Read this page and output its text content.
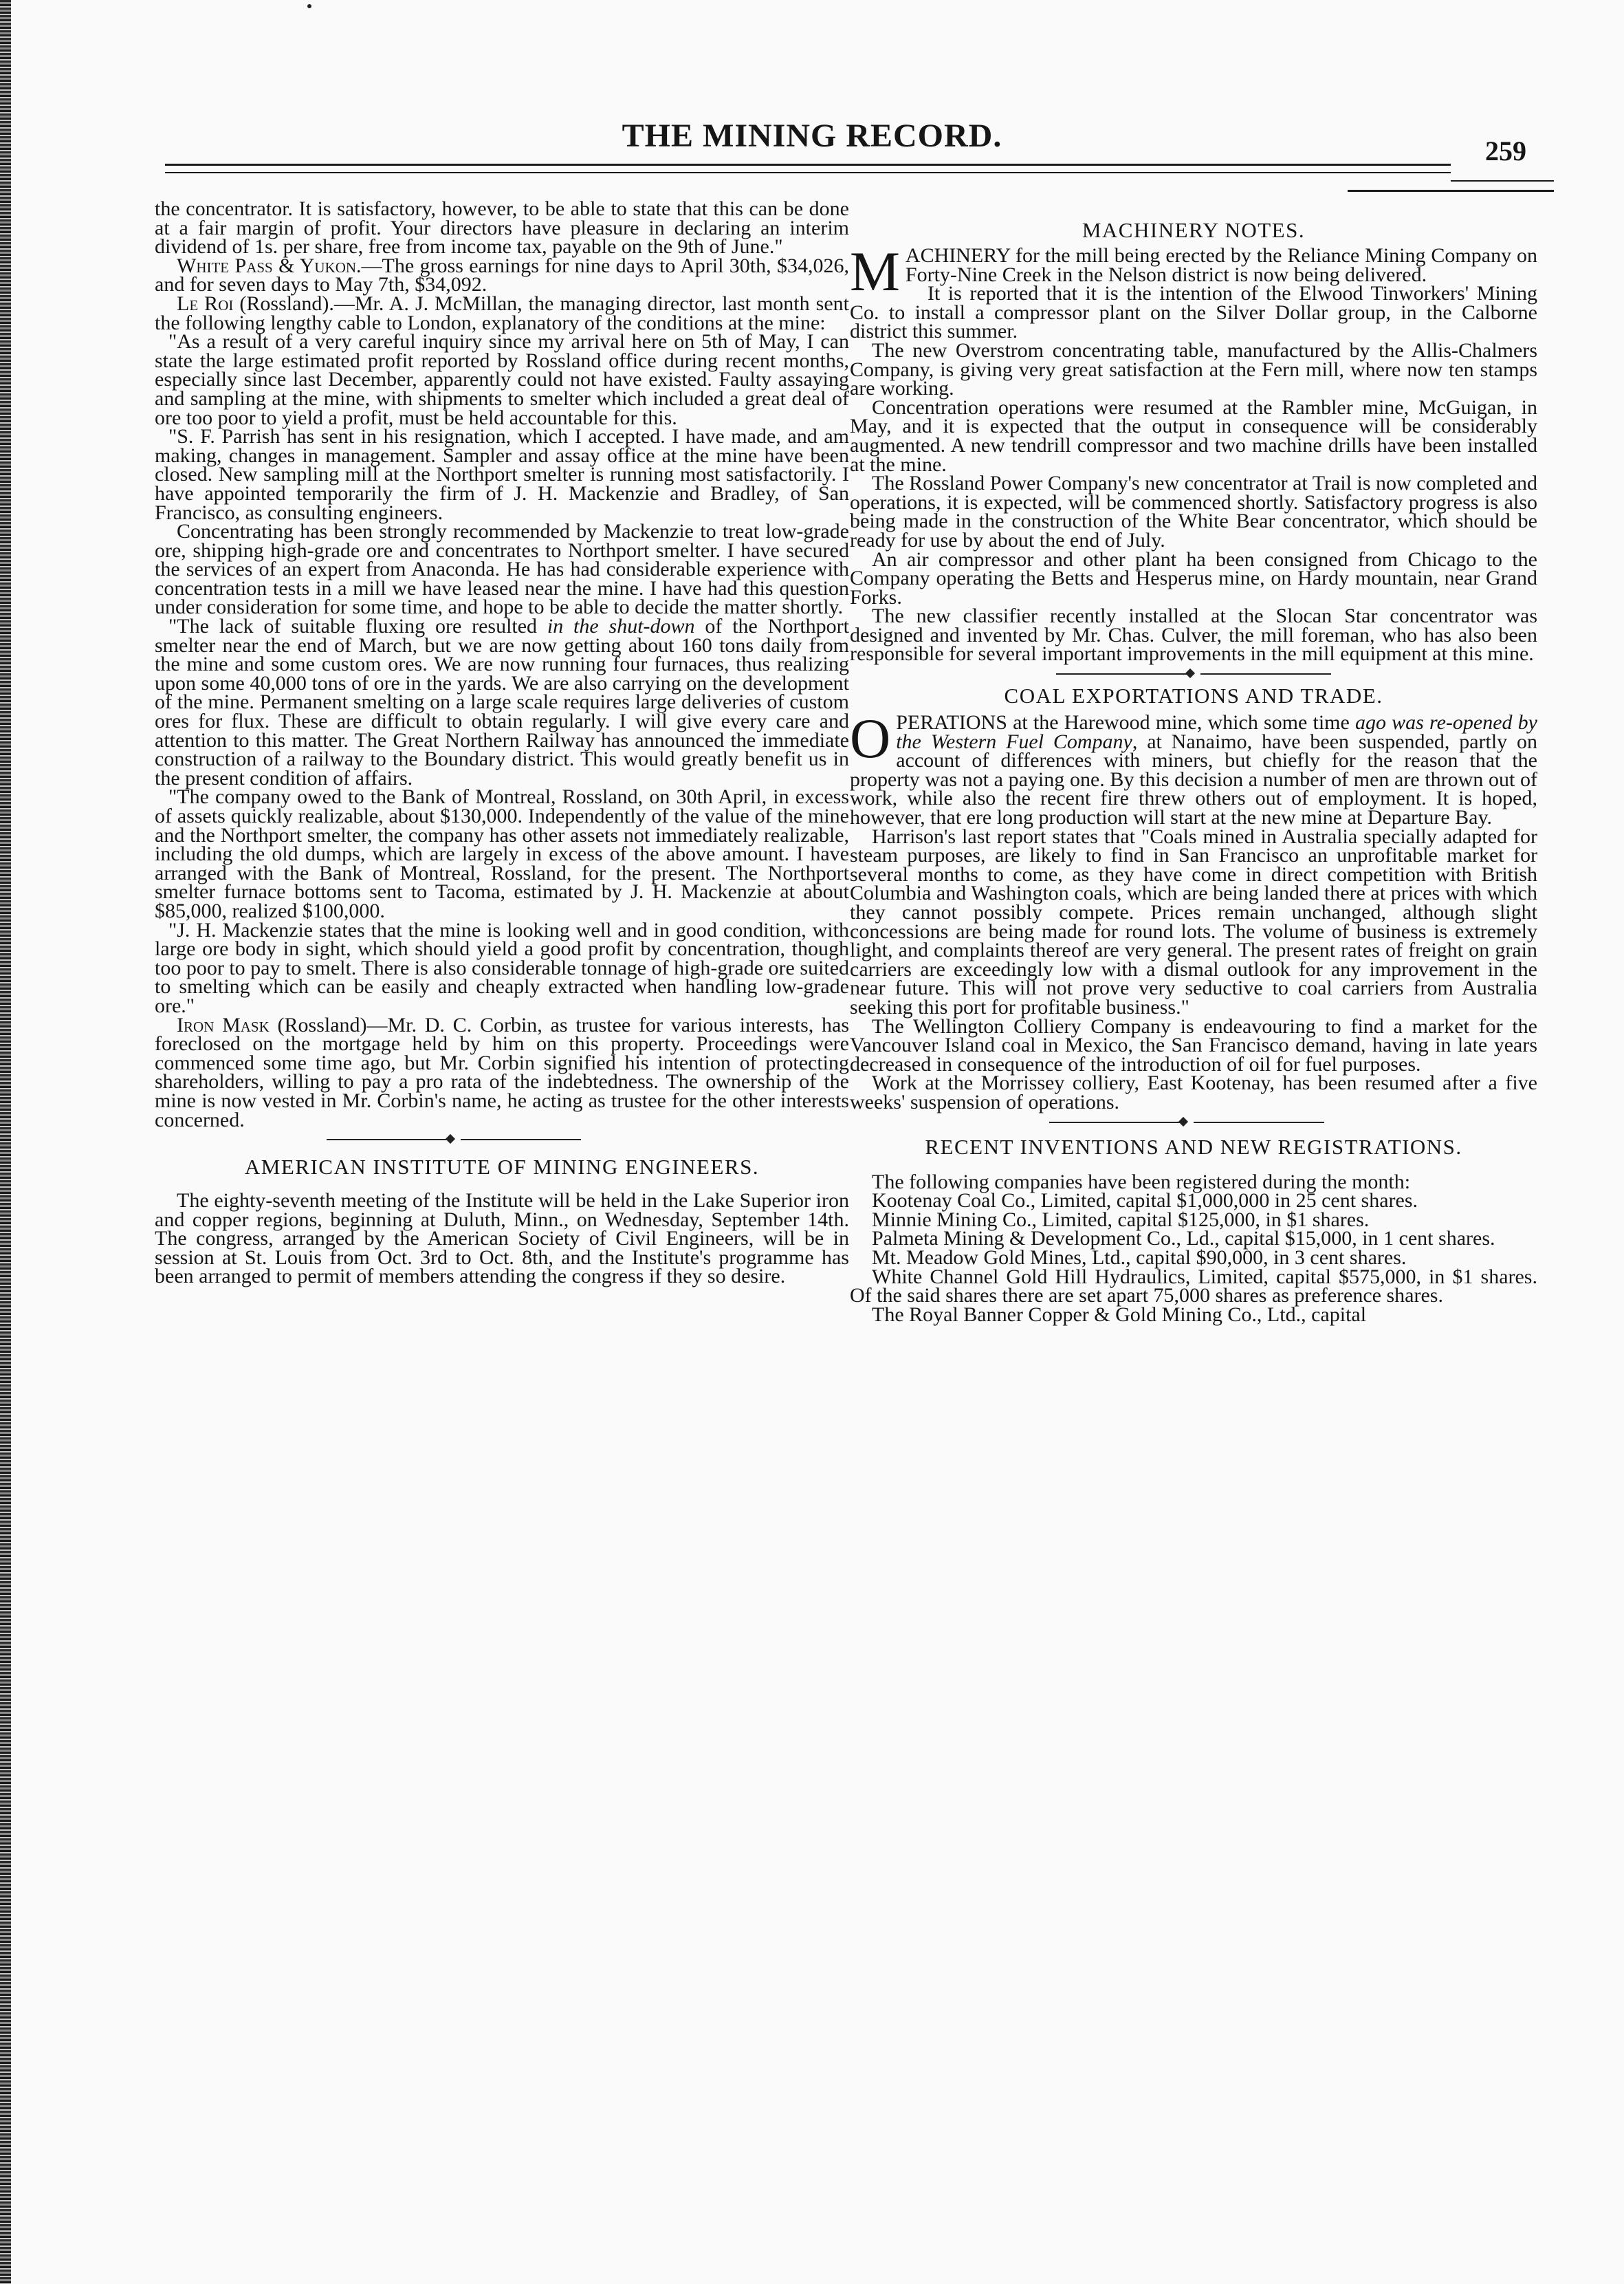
THE MINING RECORD.	259

the concentrator. It is satisfactory, however, to be able to state that this can be done at a fair margin of profit. Your directors have pleasure in declaring an interim dividend of 1s. per share, free from income tax, payable on the 9th of June."

White Pass & Yukon.—The gross earnings for nine days to April 30th, $34,026, and for seven days to May 7th, $34,092.

Le Roi (Rossland).—Mr. A. J. McMillan, the managing director, last month sent the following lengthy cable to London, explanatory of the conditions at the mine:

"As a result of a very careful inquiry since my arrival here on 5th of May, I can state the large estimated profit reported by Rossland office during recent months, especially since last December, apparently could not have existed. Faulty assaying and sampling at the mine, with shipments to smelter which included a great deal of ore too poor to yield a profit, must be held accountable for this.

"S. F. Parrish has sent in his resignation, which I accepted. I have made, and am making, changes in management. Sampler and assay office at the mine have been closed. New sampling mill at the Northport smelter is running most satisfactorily. I have appointed temporarily the firm of J. H. Mackenzie and Bradley, of San Francisco, as consulting engineers.

Concentrating has been strongly recommended by Mackenzie to treat low-grade ore, shipping high-grade ore and concentrates to Northport smelter. I have secured the services of an expert from Anaconda. He has had considerable experience with concentration tests in a mill we have leased near the mine. I have had this question under consideration for some time, and hope to be able to decide the matter shortly.

"The lack of suitable fluxing ore resulted in the shut-down of the Northport smelter near the end of March, but we are now getting about 160 tons daily from the mine and some custom ores. We are now running four furnaces, thus realizing upon some 40,000 tons of ore in the yards. We are also carrying on the development of the mine. Permanent smelting on a large scale requires large deliveries of custom ores for flux. These are difficult to obtain regularly. I will give every care and attention to this matter. The Great Northern Railway has announced the immediate construction of a railway to the Boundary district. This would greatly benefit us in the present condition of affairs.

"The company owed to the Bank of Montreal, Rossland, on 30th April, in excess of assets quickly realizable, about $130,000. Independently of the value of the mine and the Northport smelter, the company has other assets not immediately realizable, including the old dumps, which are largely in excess of the above amount. I have arranged with the Bank of Montreal, Rossland, for the present. The Northport smelter furnace bottoms sent to Tacoma, estimated by J. H. Mackenzie at about $85,000, realized $100,000.

"J. H. Mackenzie states that the mine is looking well and in good condition, with large ore body in sight, which should yield a good profit by concentration, though too poor to pay to smelt. There is also considerable tonnage of high-grade ore suited to smelting which can be easily and cheaply extracted when handling low-grade ore."

Iron Mask (Rossland)—Mr. D. C. Corbin, as trustee for various interests, has foreclosed on the mortgage held by him on this property. Proceedings were commenced some time ago, but Mr. Corbin signified his intention of protecting shareholders, willing to pay a pro rata of the indebtedness. The ownership of the mine is now vested in Mr. Corbin's name, he acting as trustee for the other interests concerned.

AMERICAN INSTITUTE OF MINING ENGINEERS.

The eighty-seventh meeting of the Institute will be held in the Lake Superior iron and copper regions, beginning at Duluth, Minn., on Wednesday, September 14th. The congress, arranged by the American Society of Civil Engineers, will be in session at St. Louis from Oct. 3rd to Oct. 8th, and the Institute's programme has been arranged to permit of members attending the congress if they so desire.

MACHINERY NOTES.

MACHINERY for the mill being erected by the Reliance Mining Company on Forty-Nine Creek in the Nelson district is now being delivered.

It is reported that it is the intention of the Elwood Tinworkers' Mining Co. to install a compressor plant on the Silver Dollar group, in the Calborne district this summer.

The new Overstrom concentrating table, manufactured by the Allis-Chalmers Company, is giving very great satisfaction at the Fern mill, where now ten stamps are working.

Concentration operations were resumed at the Rambler mine, McGuigan, in May, and it is expected that the output in consequence will be considerably augmented. A new tendrill compressor and two machine drills have been installed at the mine.

The Rossland Power Company's new concentrator at Trail is now completed and operations, it is expected, will be commenced shortly. Satisfactory progress is also being made in the construction of the White Bear concentrator, which should be ready for use by about the end of July.

An air compressor and other plant ha been consigned from Chicago to the Company operating the Betts and Hesperus mine, on Hardy mountain, near Grand Forks.

The new classifier recently installed at the Slocan Star concentrator was designed and invented by Mr. Chas. Culver, the mill foreman, who has also been responsible for several important improvements in the mill equipment at this mine.

COAL EXPORTATIONS AND TRADE.

OPERATIONS at the Harewood mine, which some time ago was re-opened by the Western Fuel Company, at Nanaimo, have been suspended, partly on account of differences with miners, but chiefly for the reason that the property was not a paying one. By this decision a number of men are thrown out of work, while also the recent fire threw others out of employment. It is hoped, however, that ere long production will start at the new mine at Departure Bay.

Harrison's last report states that "Coals mined in Australia specially adapted for steam purposes, are likely to find in San Francisco an unprofitable market for several months to come, as they have come in direct competition with British Columbia and Washington coals, which are being landed there at prices with which they cannot possibly compete. Prices remain unchanged, although slight concessions are being made for round lots. The volume of business is extremely light, and complaints thereof are very general. The present rates of freight on grain carriers are exceedingly low with a dismal outlook for any improvement in the near future. This will not prove very seductive to coal carriers from Australia seeking this port for profitable business."

The Wellington Colliery Company is endeavouring to find a market for the Vancouver Island coal in Mexico, the San Francisco demand, having in late years decreased in consequence of the introduction of oil for fuel purposes.

Work at the Morrissey colliery, East Kootenay, has been resumed after a five weeks' suspension of operations.

RECENT INVENTIONS AND NEW REGISTRATIONS.

The following companies have been registered during the month:

Kootenay Coal Co., Limited, capital $1,000,000 in 25 cent shares.

Minnie Mining Co., Limited, capital $125,000, in $1 shares.

Palmeta Mining & Development Co., Ld., capital $15,000, in 1 cent shares.

Mt. Meadow Gold Mines, Ltd., capital $90,000, in 3 cent shares.

White Channel Gold Hill Hydraulics, Limited, capital $575,000, in $1 shares. Of the said shares there are set apart 75,000 shares as preference shares.

The Royal Banner Copper & Gold Mining Co., Ltd., capital
